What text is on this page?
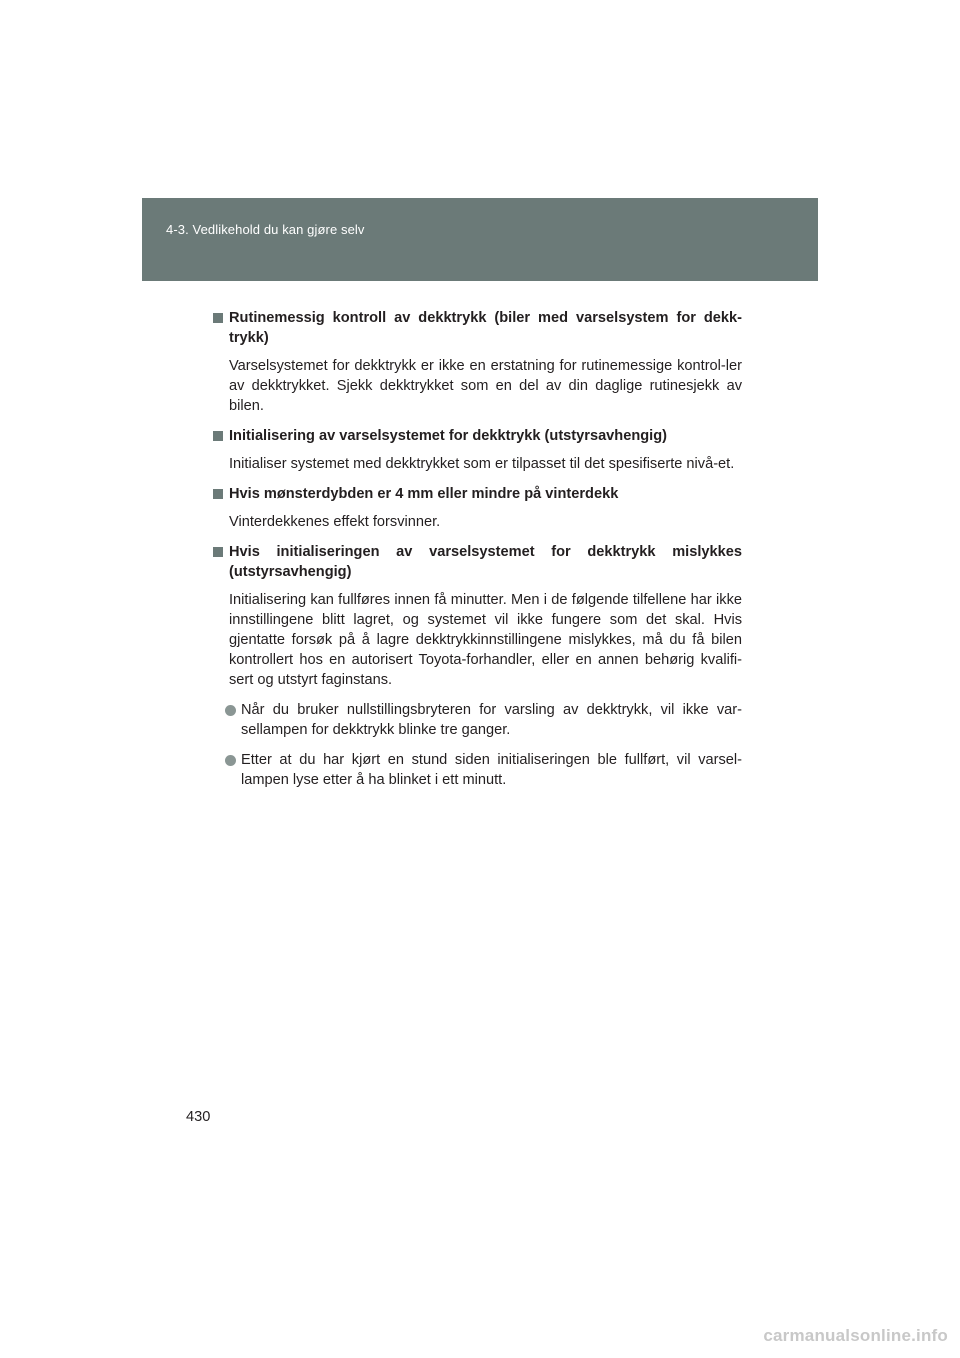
4-3. Vedlikehold du kan gjøre selv
Rutinemessig kontroll av dekktrykk (biler med varselsystem for dekk-trykk)
Varselsystemet for dekktrykk er ikke en erstatning for rutinemessige kontrol-ler av dekktrykket. Sjekk dekktrykket som en del av din daglige rutinesjekk av bilen.
Initialisering av varselsystemet for dekktrykk (utstyrsavhengig)
Initialiser systemet med dekktrykket som er tilpasset til det spesifiserte nivå-et.
Hvis mønsterdybden er 4 mm eller mindre på vinterdekk
Vinterdekkenes effekt forsvinner.
Hvis initialiseringen av varselsystemet for dekktrykk mislykkes (utstyrsavhengig)
Initialisering kan fullføres innen få minutter. Men i de følgende tilfellene har ikke innstillingene blitt lagret, og systemet vil ikke fungere som det skal. Hvis gjentatte forsøk på å lagre dekktrykkinnstillingene mislykkes, må du få bilen kontrollert hos en autorisert Toyota-forhandler, eller en annen behørig kvalifi-sert og utstyrt faginstans.
Når du bruker nullstillingsbryteren for varsling av dekktrykk, vil ikke var-sellampen for dekktrykk blinke tre ganger.
Etter at du har kjørt en stund siden initialiseringen ble fullført, vil varsel-lampen lyse etter å ha blinket i ett minutt.
430
carmanualsonline.info
